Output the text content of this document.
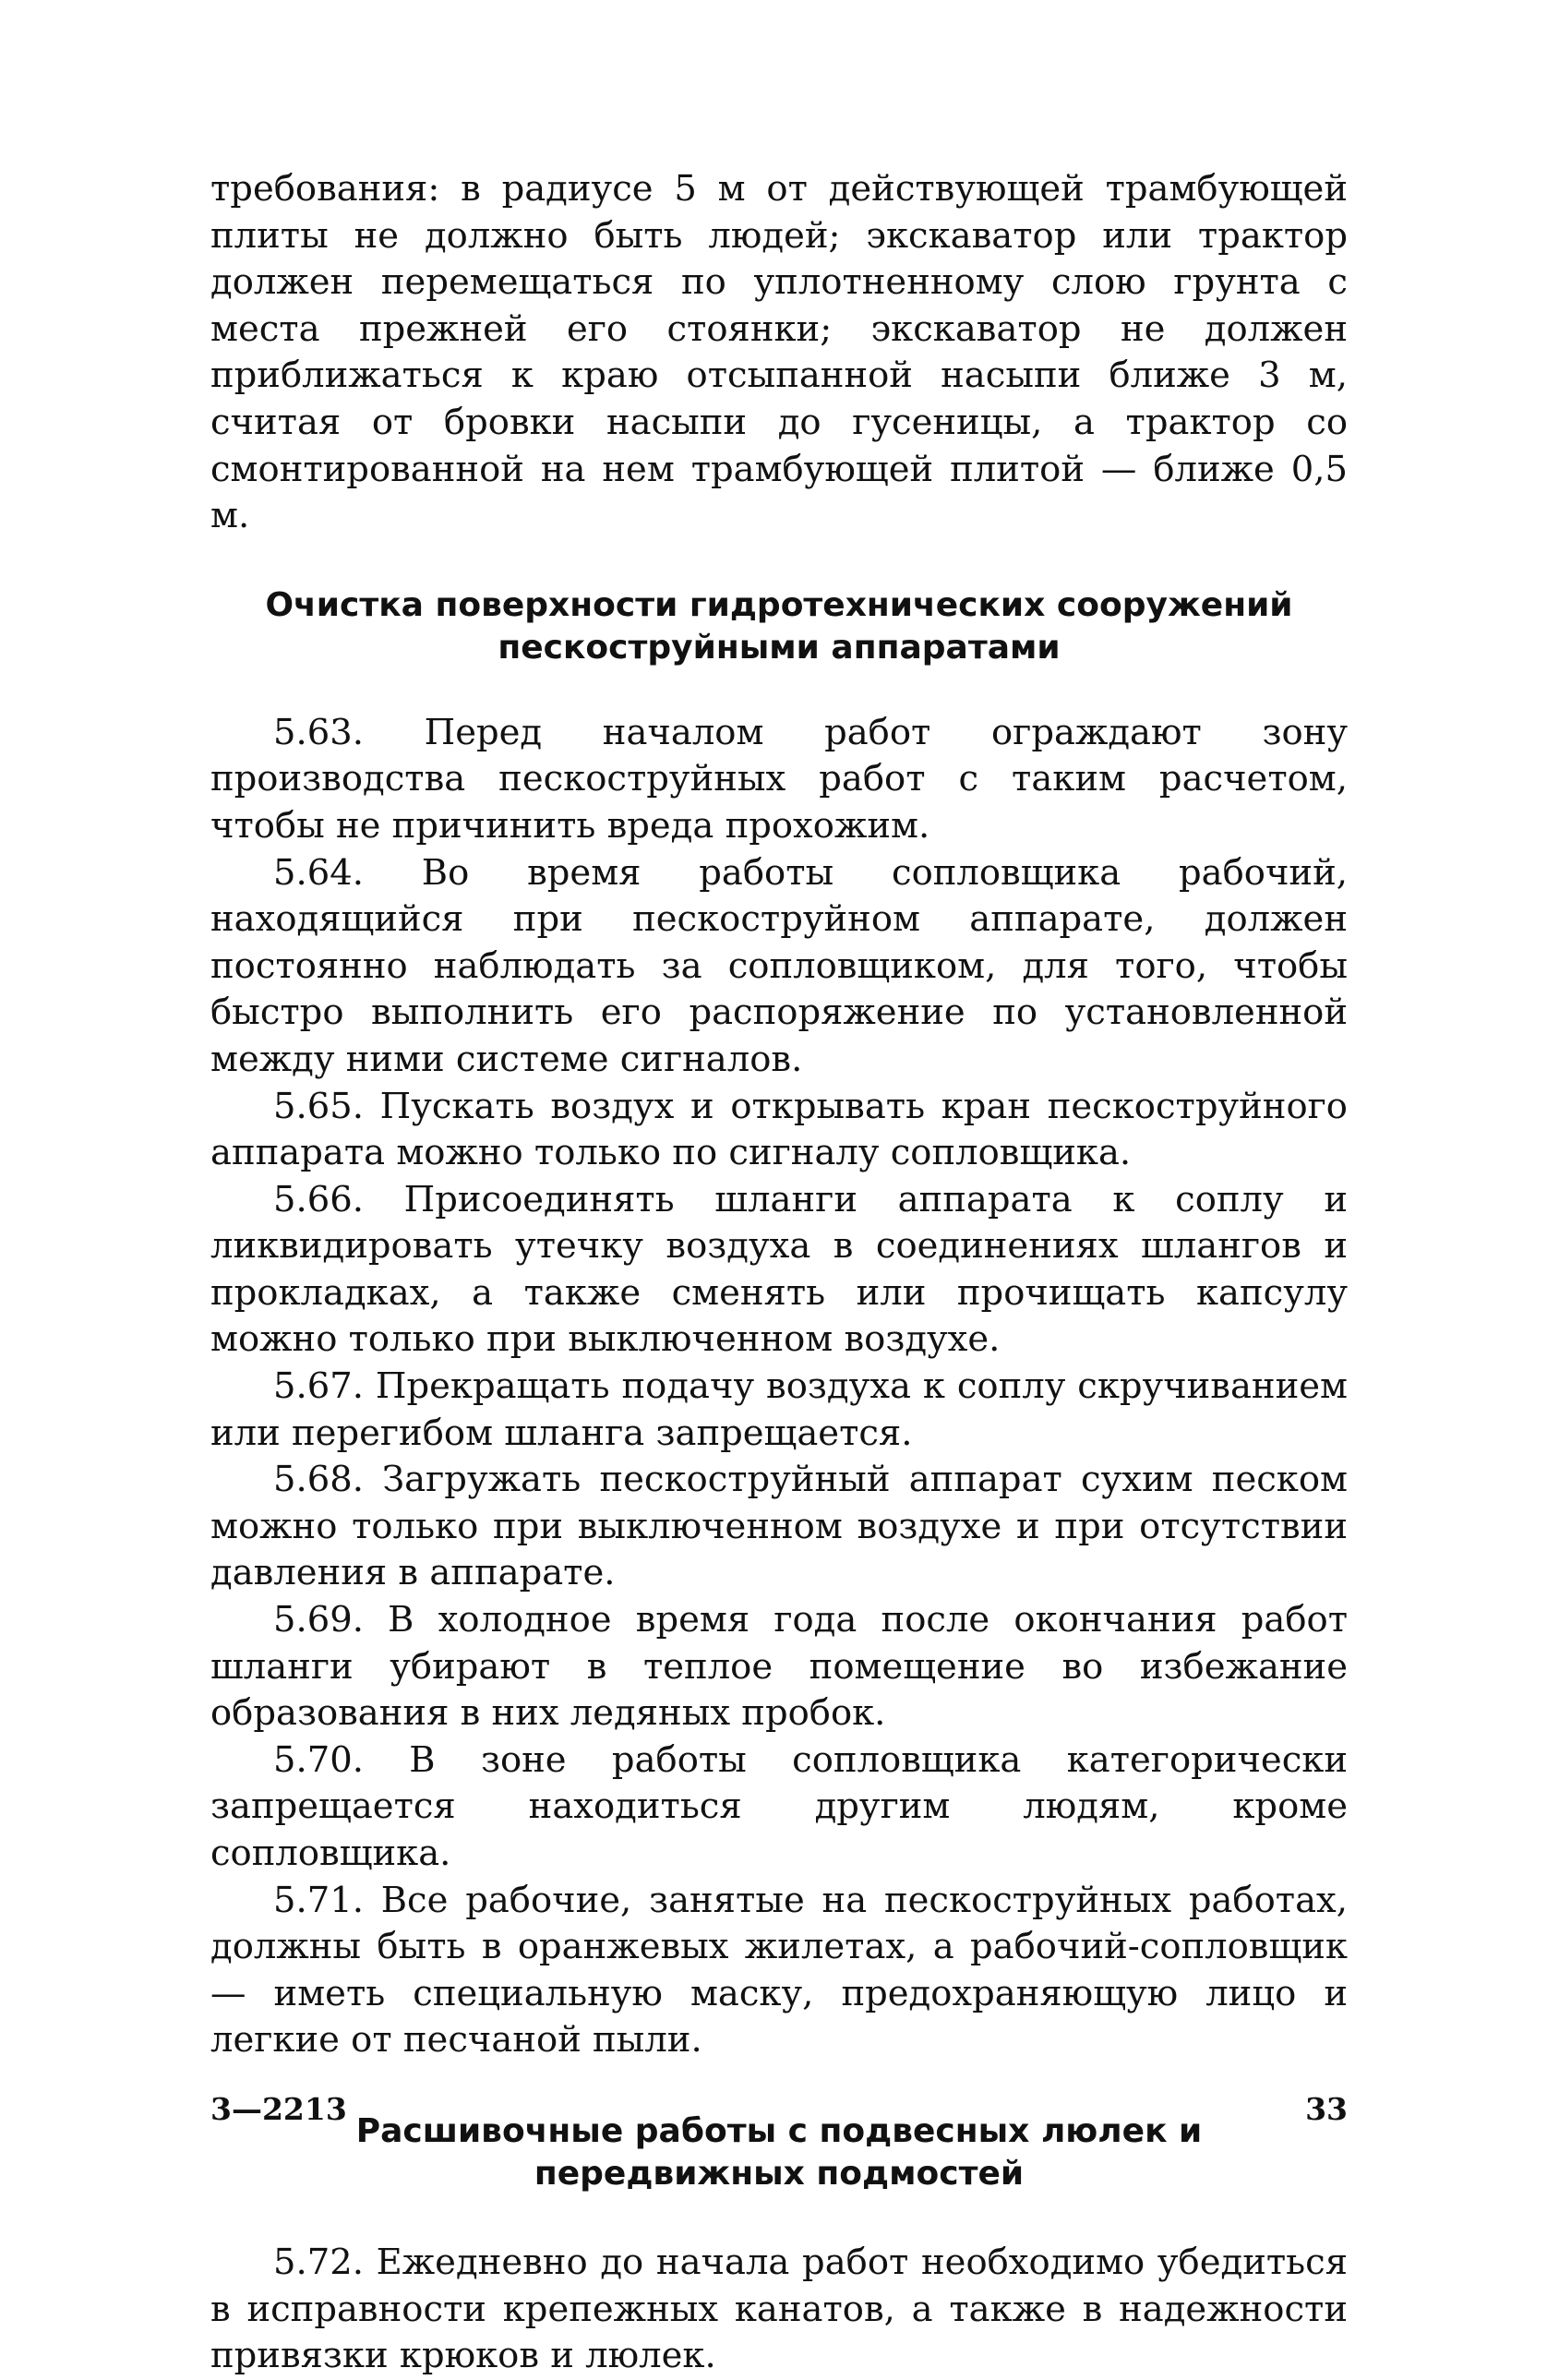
требования: в радиусе 5 м от действующей трамбующей плиты не должно быть людей; экскаватор или трактор должен перемещаться по уплотненному слою грунта с места прежней его стоянки; экскаватор не должен приближаться к краю отсыпанной насыпи ближе 3 м, считая от бровки насыпи до гусеницы, а трактор со смонтированной на нем трамбующей плитой — ближе 0,5 м.

Очистка поверхности гидротехнических сооружений пескоструйными аппаратами

5.63. Перед началом работ ограждают зону производства пескоструйных работ с таким расчетом, чтобы не причинить вреда прохожим.

5.64. Во время работы сопловщика рабочий, находящийся при пескоструйном аппарате, должен постоянно наблюдать за сопловщиком, для того, чтобы быстро выполнить его распоряжение по установленной между ними системе сигналов.

5.65. Пускать воздух и открывать кран пескоструйного аппарата можно только по сигналу сопловщика.

5.66. Присоединять шланги аппарата к соплу и ликвидировать утечку воздуха в соединениях шлангов и прокладках, а также сменять или прочищать капсулу можно только при выключенном воздухе.

5.67. Прекращать подачу воздуха к соплу скручиванием или перегибом шланга запрещается.

5.68. Загружать пескоструйный аппарат сухим песком можно только при выключенном воздухе и при отсутствии давления в аппарате.

5.69. В холодное время года после окончания работ шланги убирают в теплое помещение во избежание образования в них ледяных пробок.

5.70. В зоне работы сопловщика категорически запрещается находиться другим людям, кроме сопловщика.

5.71. Все рабочие, занятые на пескоструйных работах, должны быть в оранжевых жилетах, а рабочий-сопловщик — иметь специальную маску, предохраняющую лицо и легкие от песчаной пыли.

Расшивочные работы с подвесных люлек и передвижных подмостей

5.72. Ежедневно до начала работ необходимо убедиться в исправности крепежных канатов, а также в надежности привязки крюков и люлек.

3—2213	33
